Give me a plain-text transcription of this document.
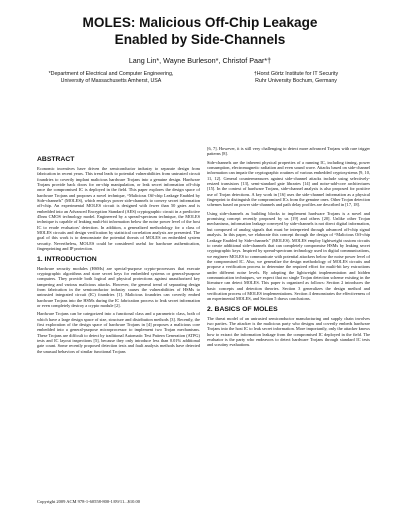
MOLES: Malicious Off-Chip Leakage
Enabled by Side-Channels
Lang Lin*, Wayne Burleson*, Christof Paar*†
*Department of Electrical and Computer Engineering,
University of Massachusetts Amherst, USA
†Horst Görtz Institute for IT Security
Ruhr University Bochum, Germany
ABSTRACT

Economic incentives have driven the semiconductor industry to separate design from fabrication in recent years. This trend leads to potential vulnerabilities from untrusted circuit foundries to covertly implant malicious hardware Trojans into a genuine design. Hardware Trojans provide back doors for on-chip manipulation, or leak secret information off-chip once the compromised IC is deployed in the field. This paper explores the design space of hardware Trojans and proposes a novel technique, “Malicious Off-chip Leakage Enabled by Side-channels” (MOLES), which employs power side-channels to convey secret information off-chip. An experimental MOLES circuit is designed with fewer than 50 gates and is embedded into an Advanced Encryption Standard (AES) cryptographic circuit in a predictive 45nm CMOS technology model. Engineered by a spread-spectrum technique, the MOLES technique is capable of leaking multi-bit information below the noise power level of the host IC to evade evaluators' detection. In addition, a generalized methodology for a class of MOLES circuits and design verification by statistical correlation analysis are presented. The goal of this work is to demonstrate the potential threats of MOLES on embedded system security. Nevertheless, MOLES could be considered useful for hardware authentication, fingerprinting and IP protection.

1. INTRODUCTION

Hardware security modules (HSMs) are special-purpose crypto-processors that execute cryptographic algorithms and store secret keys for embedded systems or general-purpose computers. They provide both logical and physical protections against unauthorized key tampering and various malicious attacks. However, the general trend of separating design from fabrication in the semiconductor industry causes the vulnerabilities of HSMs to untrusted integrated circuit (IC) foundries [1]. Malicious foundries can covertly embed hardware Trojans into the HSMs during the IC fabrication process to leak secret information or even completely destroy a crypto module [2].

Hardware Trojans can be categorized into a functional class and a parametric class, both of which have a large design space of size, structure and distribution methods [3]. Recently, the first exploration of the design space of hardware Trojans in [4] proposes a malicious core embedded into a general-purpose microprocessor to implement two Trojan mechanisms. These Trojans are difficult to detect by traditional Automatic Test Pattern Generation (ATPG) tests and IC layout inspections [5], because they only introduce less than 0.01% additional gate count. Some recently proposed detection tests and fault analysis methods have detected the unusual behaviors of similar functional Trojans

[6, 7]. However, it is still very challenging to detect more advanced Trojans with rare trigger patterns [8].

Side-channels are the inherent physical properties of a running IC, including timing, power consumption, electromagnetic radiation and even sound wave. Attacks based on side-channel information can impair the cryptographic routines of various embedded cryptosystems [9, 10, 11, 12]. General countermeasures against side-channel attacks include using selectively-resized transistors [13], semi-standard gate libraries [14] and noise-add-core architectures [15]. In the context of hardware Trojans, side-channel analysis is also proposed for positive use of Trojan detections. A key work in [16] uses the side-channel information as a physical fingerprint to distinguish the compromised ICs from the genuine ones. Other Trojan detection schemes based on power side-channels and path delay profiles are described in [17, 18].

Using side-channels as building blocks to implement hardware Trojans is a novel and promising concept recently proposed by us [19] and others [20]. Unlike other Trojan mechanisms, information leakage conveyed by side-channels is not direct digital information, but composed of analog signals that must be interpreted through advanced off-chip signal analysis. In this paper, we elaborate this concept through the design of “Malicious Off-chip Leakage Enabled by Side-channels” (MOLES). MOLES employ lightweight custom circuits to create additional side-channels that can completely compromise HSMs by leaking secret cryptographic keys. Inspired by spread-spectrum technology used in digital communications, we engineer MOLES to communicate with potential attackers below the noise power level of the compromised IC. Also, we generalize the design methodology of MOLES circuits and propose a verification process to determine the required effort for multi-bit key extractions under different noise levels. By adopting the lightweight implementation and hidden communication techniques, we expect that no single Trojan detection scheme existing in the literature can detect MOLES. This paper is organized as follows: Section 2 introduces the basic concepts and detection theories. Section 3 generalizes the design method and verification process of MOLES implementations. Section 4 demonstrates the effectiveness of an experimental MOLES, and Section 5 draws conclusions.

2. BASICS OF MOLES

The threat model of an untrusted semiconductor manufacturing and supply chain involves two parties. The attacker is the malicious party who designs and covertly embeds hardware Trojans into the host IC to leak secret information. More importantly, only the attacker knows how to extract the information leakage from the compromised IC deployed in the field. The evaluator is the party who endeavors to detect hardware Trojans through standard IC tests and scrutiny evaluations.

Copyright 2009 ACM 978-1-60558-800-1/09/11...$10.00
